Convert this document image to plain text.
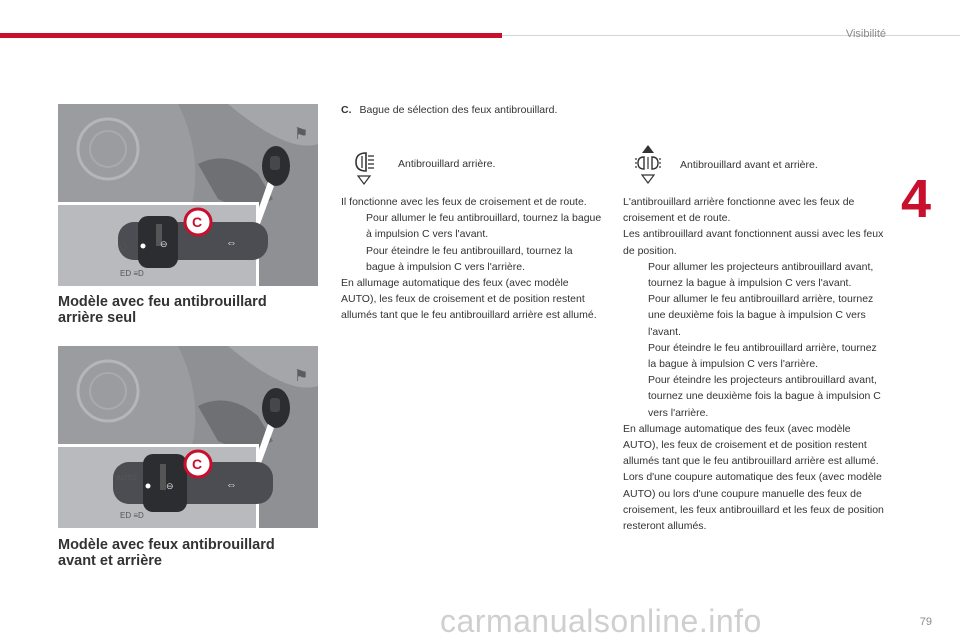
Visibilité
4
⚑
⊖
O
ED ≡D
⇔
C
Modèle avec feu antibrouillard
arrière seul
⚑
AUTO
⊖
ED ≡D
⇔
C
Modèle avec feux antibrouillard
avant et arrière
C. Bague de sélection des feux antibrouillard.
Antibrouillard arrière.	Antibrouillard avant et arrière.

Il fonctionne avec les feux de croisement et de route.

Pour allumer le feu antibrouillard, tournez la bague à impulsion C vers l'avant.
Pour éteindre le feu antibrouillard, tournez la bague à impulsion C vers l'arrière.

En allumage automatique des feux (avec modèle AUTO), les feux de croisement et de position restent allumés tant que le feu antibrouillard arrière est allumé.

L'antibrouillard arrière fonctionne avec les feux de croisement et de route.

Les antibrouillard avant fonctionnent aussi avec les feux de position.

Pour allumer les projecteurs antibrouillard avant, tournez la bague à impulsion C vers l'avant.
Pour allumer le feu antibrouillard arrière, tournez une deuxième fois la bague à impulsion C vers l'avant.
Pour éteindre le feu antibrouillard arrière, tournez la bague à impulsion C vers l'arrière.
Pour éteindre les projecteurs antibrouillard avant, tournez une deuxième fois la bague à impulsion C vers l'arrière.

En allumage automatique des feux (avec modèle AUTO), les feux de croisement et de position restent allumés tant que le feu antibrouillard arrière est allumé.

Lors d'une coupure automatique des feux (avec modèle AUTO) ou lors d'une coupure manuelle des feux de croisement, les feux antibrouillard et les feux de position resteront allumés.

carmanualsonline.info	79
